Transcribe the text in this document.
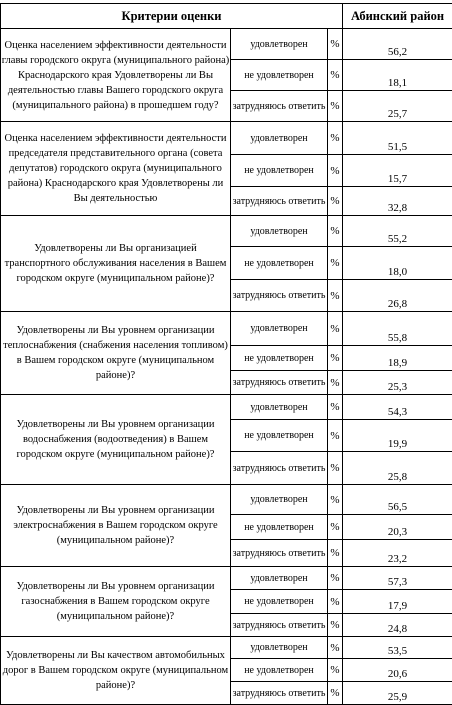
Критерии оценки			Абинский район

Оценка населением эффективности деятельности главы городского округа (муниципального района) Краснодарского края Удовлетворены ли Вы деятельностью главы Вашего городского округа (муниципального района) в прошедшем году?	удовлетворен	%	56,2
	не удовлетворен	%	18,1
	затрудняюсь ответить	%	25,7

Оценка населением эффективности деятельности председателя представительного органа (совета депутатов) городского округа (муниципального района) Краснодарского края Удовлетворены ли Вы деятельностью	удовлетворен	%	51,5
	не удовлетворен	%	15,7
	затрудняюсь ответить	%	32,8

Удовлетворены ли Вы организацией транспортного обслуживания населения в Вашем городском округе (муниципальном районе)?	удовлетворен	%	55,2
	не удовлетворен	%	18,0
	затрудняюсь ответить	%	26,8

Удовлетворены ли Вы уровнем организации теплоснабжения (снабжения населения топливом) в Вашем городском округе (муниципальном районе)?	удовлетворен	%	55,8
	не удовлетворен	%	18,9
	затрудняюсь ответить	%	25,3

Удовлетворены ли Вы уровнем организации водоснабжения (водоотведения) в Вашем городском округе (муниципальном районе)?	удовлетворен	%	54,3
	не удовлетворен	%	19,9
	затрудняюсь ответить	%	25,8

Удовлетворены ли Вы уровнем организации электроснабжения в Вашем городском округе (муниципальном районе)?	удовлетворен	%	56,5
	не удовлетворен	%	20,3
	затрудняюсь ответить	%	23,2

Удовлетворены ли Вы уровнем организации газоснабжения в Вашем городском округе (муниципальном районе)?	удовлетворен	%	57,3
	не удовлетворен	%	17,9
	затрудняюсь ответить	%	24,8

Удовлетворены ли Вы качеством автомобильных дорог в Вашем городском округе (муниципальном районе)?	удовлетворен	%	53,5
	не удовлетворен	%	20,6
	затрудняюсь ответить	%	25,9
